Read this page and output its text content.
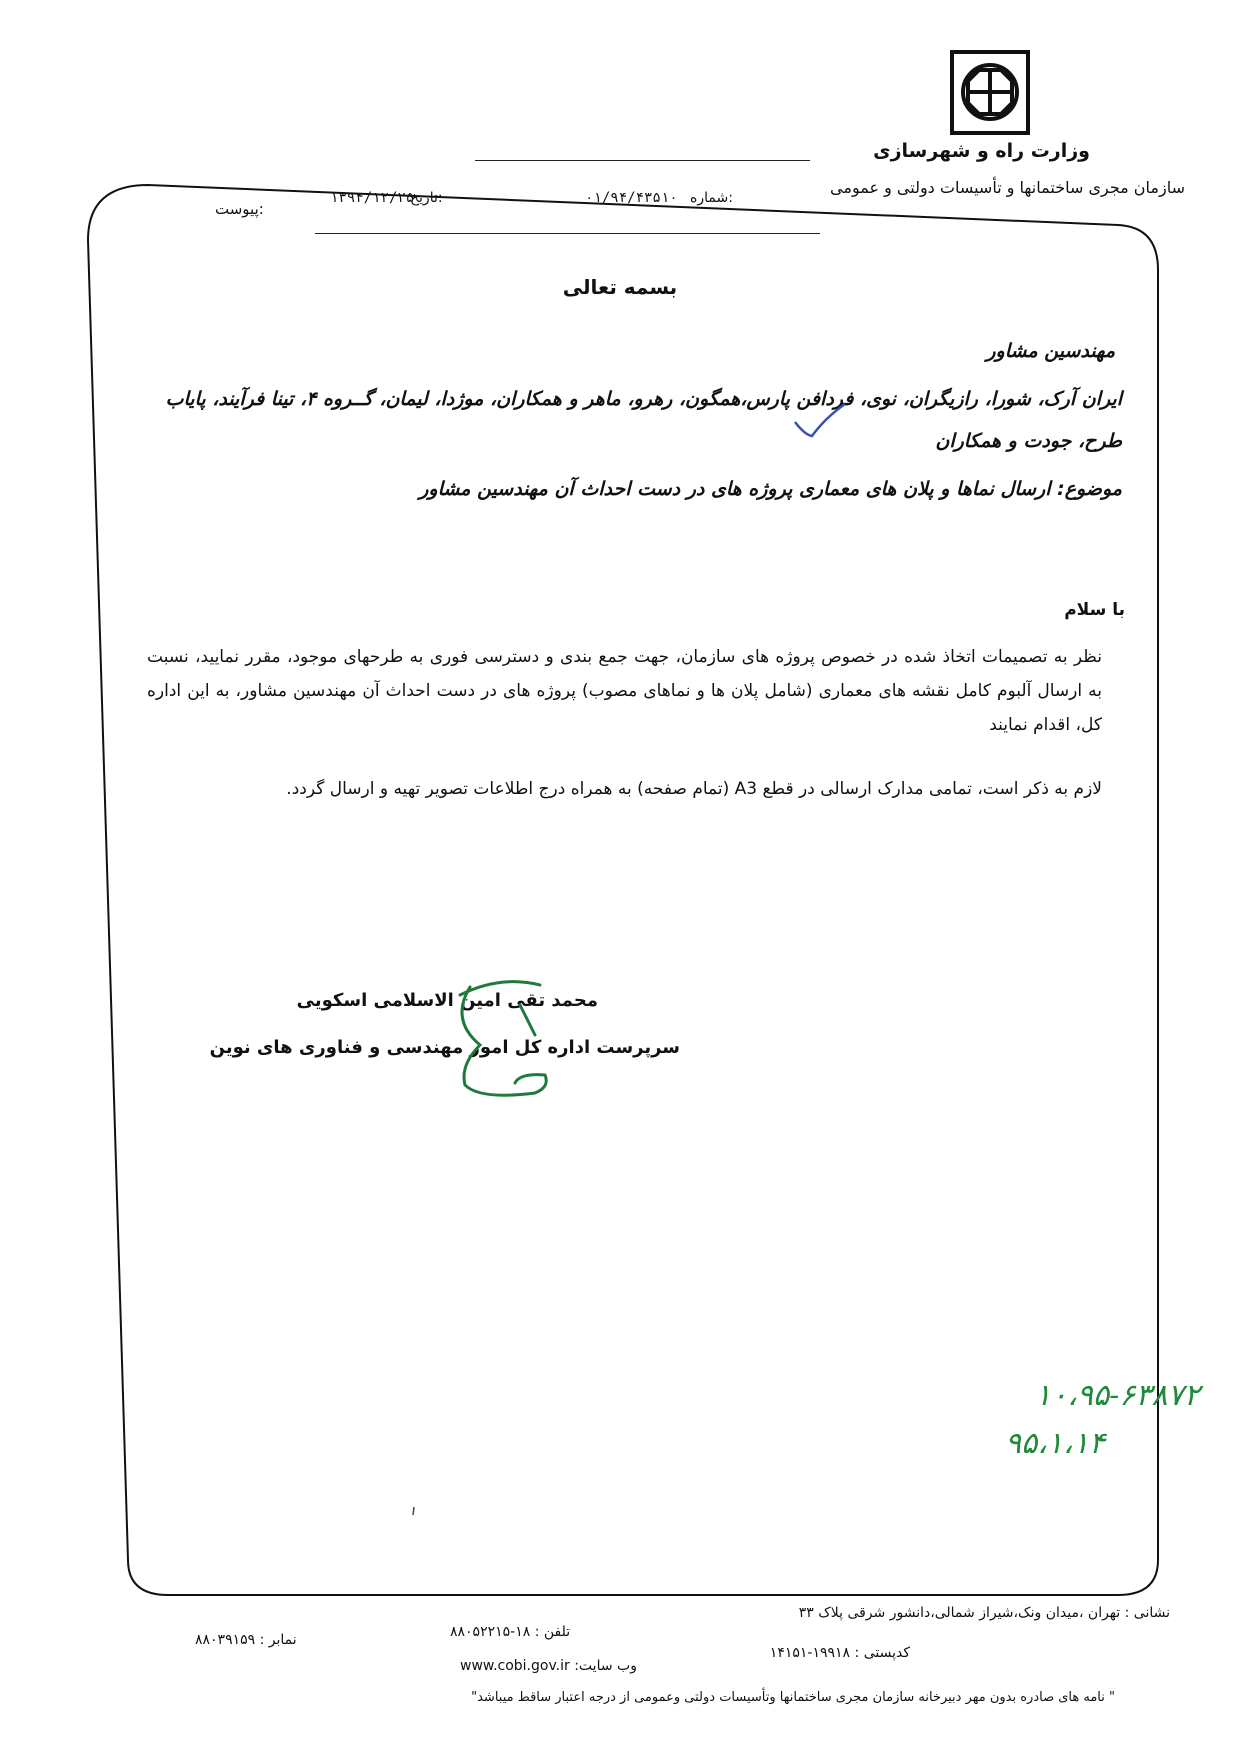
وزارت راه و شهرسازی
سازمان مجری ساختمانها و تأسیسات دولتی و عمومی
شماره:
۰۱/۹۴/۴۳۵۱۰
تاریخ:
۱۳۹۴/۱۲/۲۵
پیوست:
بسمه تعالی
مهندسین مشاور
ایران آرک، شورا، رازیگران، نوی، فردافن پارس،همگون، رهرو، ماهر و همکاران، موژدا، لیمان، گــروه ۴، تینا فرآیند، پایاب طرح، جودت و همکاران
موضوع: ارسال نماها و پلان های معماری پروژه های در دست احداث آن مهندسین مشاور
با سلام
نظر به تصمیمات اتخاذ شده در خصوص پروژه های سازمان، جهت جمع بندی و دسترسی فوری به طرحهای موجود، مقرر نمایید، نسبت به ارسال آلبوم کامل نقشه های معماری (شامل پلان ها و نماهای مصوب) پروژه های در دست احداث آن مهندسین مشاور، به این اداره کل، اقدام نمایند
لازم به ذکر است، تمامی مدارک ارسالی در قطع A3 (تمام صفحه) به همراه درج اطلاعات تصویر تهیه و ارسال گردد.
محمد تقی امین الاسلامی اسکویی
سرپرست اداره کل امور مهندسی و فناوری های نوین
۱۰،۹۵-۶۳۸۷۲
۹۵،۱،۱۴
نشانی : تهران ،میدان ونک،شیراز شمالی،دانشور شرقی پلاک ۳۳
کدپستی : ۱۹۹۱۸-۱۴۱۵۱
تلفن : ۱۸-۸۸۰۵۲۲۱۵
وب سایت: www.cobi.gov.ir
نمابر : ۸۸۰۳۹۱۵۹
" نامه های صادره بدون مهر دبیرخانه سازمان مجری ساختمانها وتأسیسات دولتی وعمومی از درجه اعتبار ساقط میباشد"
